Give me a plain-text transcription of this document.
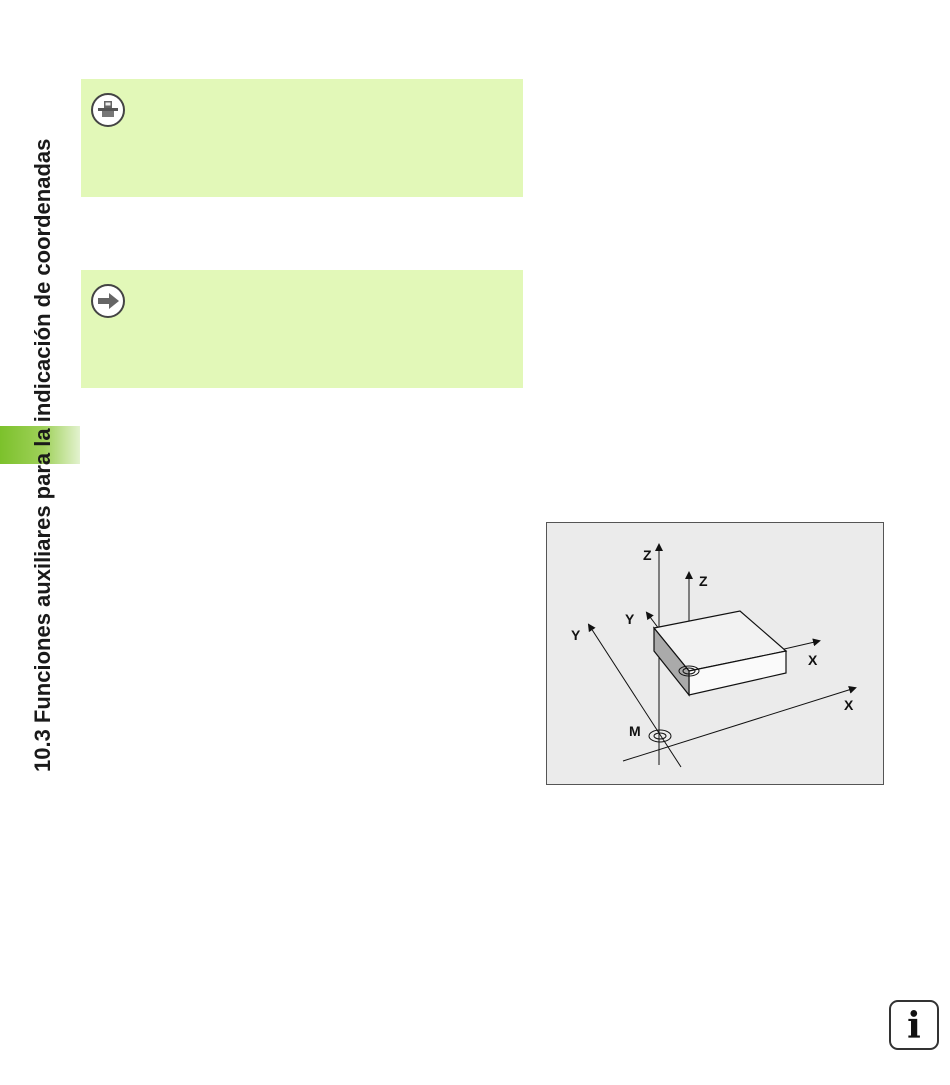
10.3 Funciones auxiliares para la indicación de coordenadas	Z
Z
Y
Y
X
X
M
i
